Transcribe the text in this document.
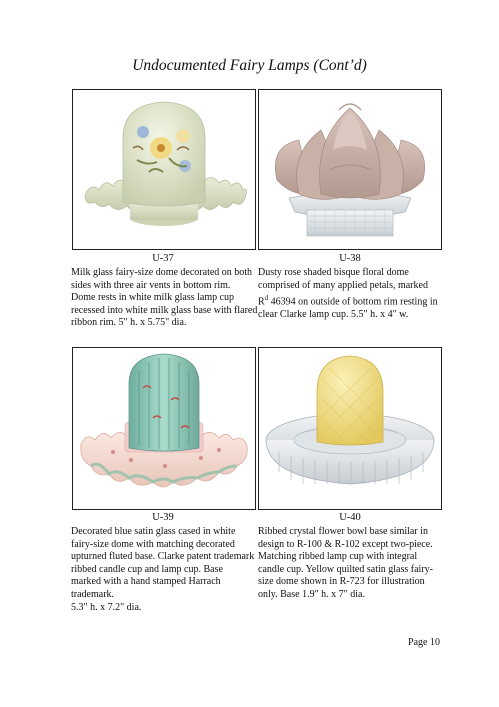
Undocumented Fairy Lamps (Cont’d)
U-37
Milk glass fairy-size dome decorated on both
sides with three air vents in bottom rim.
Dome rests in white milk glass lamp cup
recessed into white milk glass base with flared
ribbon rim. 5" h. x 5.75" dia.
U-38
Dusty rose shaded bisque floral dome
comprised of many applied petals, marked
$R^d$ 46394 on outside of bottom rim resting in
clear Clarke lamp cup. 5.5" h. x 4" w.
U-39
Decorated blue satin glass cased in white
fairy-size dome with matching decorated
upturned fluted base. Clarke patent trademark
ribbed candle cup and lamp cup. Base
marked with a hand stamped Harrach
trademark.
5.3" h. x 7.2" dia.
U-40
Ribbed crystal flower bowl base similar in
design to R-100 & R-102 except two-piece.
Matching ribbed lamp cup with integral
candle cup. Yellow quilted satin glass fairy-
size dome shown in R-723 for illustration
only. Base 1.9" h. x 7" dia.
Page 10
